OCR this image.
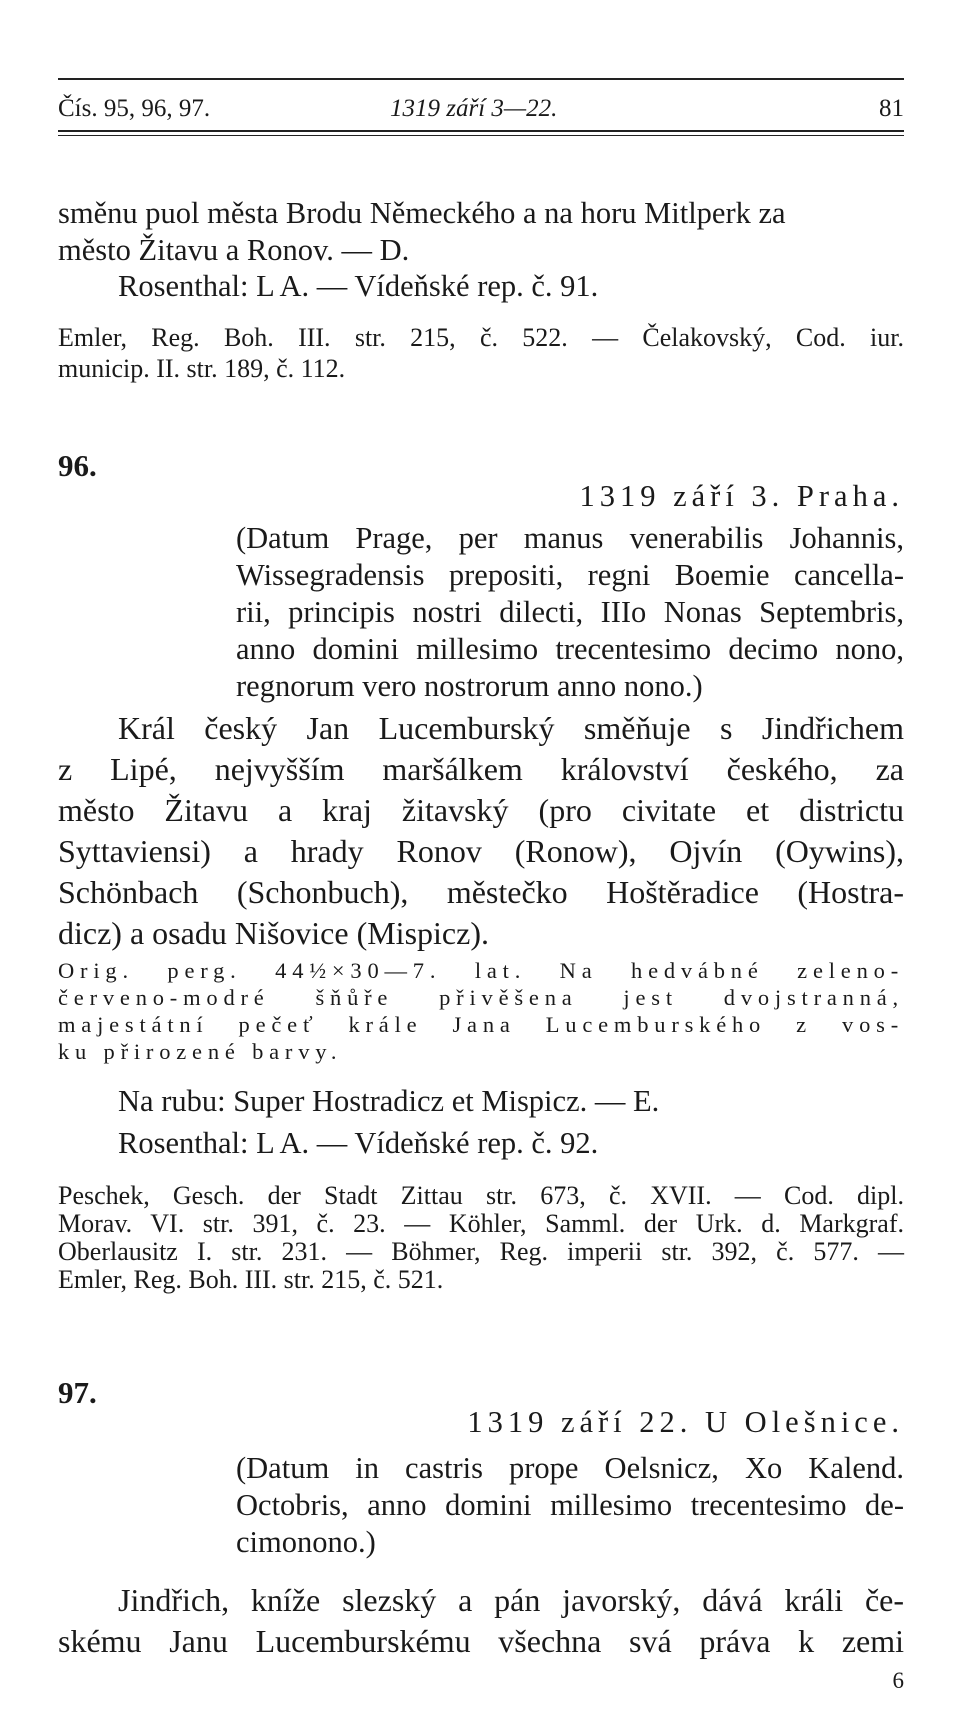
Čís. 95, 96, 97.	1319 září 3—22.	81
směnu puol města Brodu Německého a na horu Mitlperk za
město Žitavu a Ronov. — D.
Rosenthal: L A. — Vídeňské rep. č. 91.
Emler, Reg. Boh. III. str. 215, č. 522. — Čelakovský, Cod. iur.
municip. II. str. 189, č. 112.
96.
1319 září 3. Praha.
(Datum Prage, per manus venerabilis Johannis,
Wissegradensis prepositi, regni Boemie cancella-
rii, principis nostri dilecti, IIIo Nonas Septembris,
anno domini millesimo trecentesimo decimo nono,
regnorum vero nostrorum anno nono.)
Král český Jan Lucemburský směňuje s Jindřichem
z Lipé, nejvyšším maršálkem království českého, za
město Žitavu a kraj žitavský (pro civitate et districtu
Syttaviensi) a hrady Ronov (Ronow), Ojvín (Oywins),
Schönbach (Schonbuch), městečko Hoštěradice (Hostra-
dicz) a osadu Nišovice (Mispicz).
Orig. perg. 44½×30—7. lat. Na hedvábné zeleno-
červeno-modré šňůře přivěšena jest dvojstranná,
majestátní pečeť krále Jana Lucemburského z vos-
ku přirozené barvy.
Na rubu: Super Hostradicz et Mispicz. — E.
Rosenthal: L A. — Vídeňské rep. č. 92.
Peschek, Gesch. der Stadt Zittau str. 673, č. XVII. — Cod. dipl.
Morav. VI. str. 391, č. 23. — Köhler, Samml. der Urk. d. Markgraf.
Oberlausitz I. str. 231. — Böhmer, Reg. imperii str. 392, č. 577. —
Emler, Reg. Boh. III. str. 215, č. 521.
97.
1319 září 22. U Olešnice.
(Datum in castris prope Oelsnicz, Xo Kalend.
Octobris, anno domini millesimo trecentesimo de-
cimonono.)
Jindřich, kníže slezský a pán javorský, dává králi če-
skému Janu Lucemburskému všechna svá práva k zemi
6
